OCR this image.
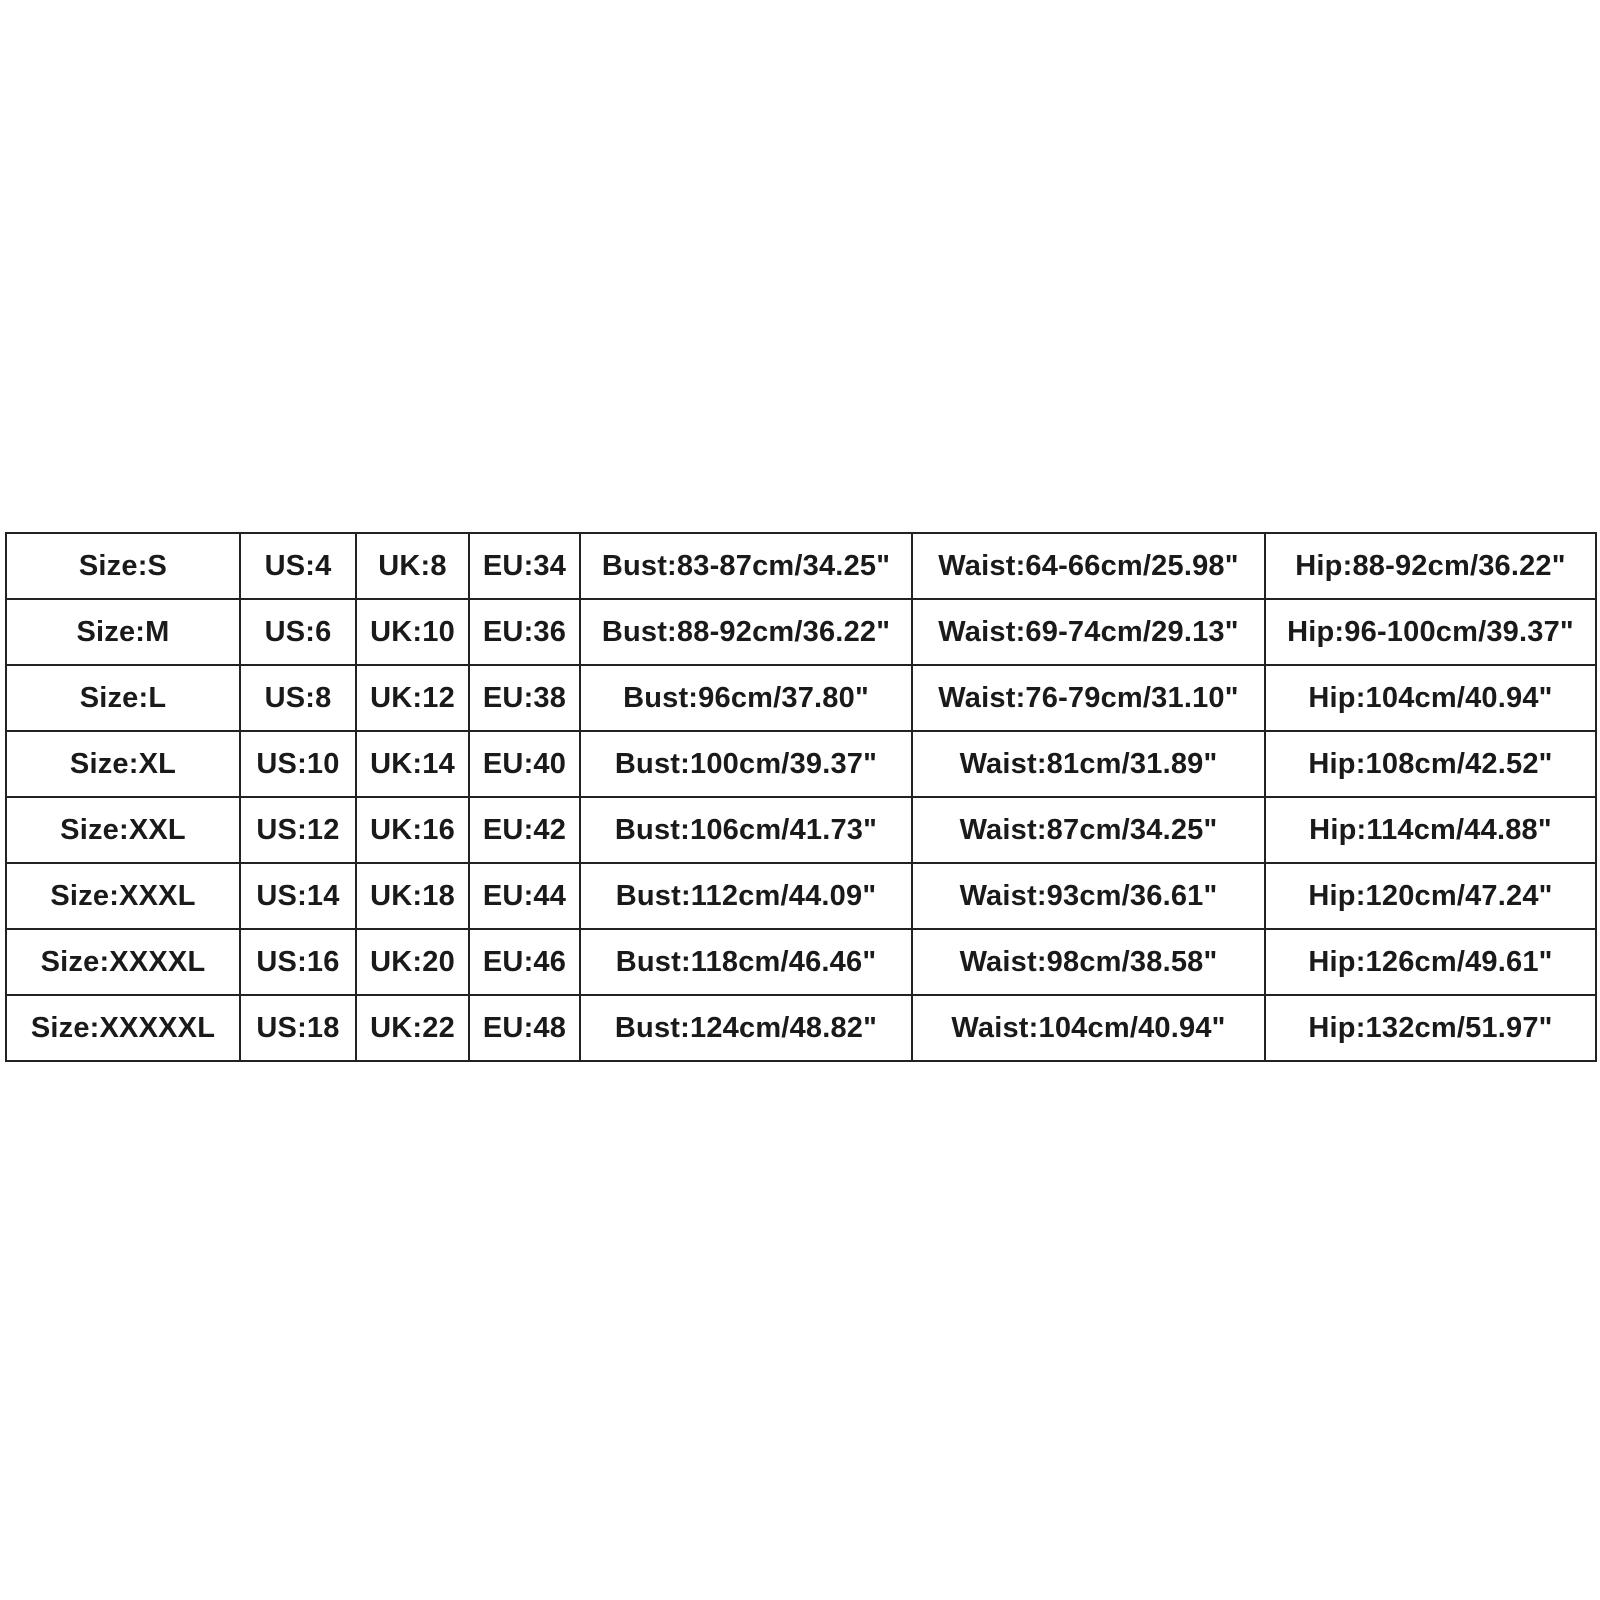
Size:S	US:4	UK:8	EU:34	Bust:83-87cm/34.25"	Waist:64-66cm/25.98"	Hip:88-92cm/36.22"
Size:M	US:6	UK:10	EU:36	Bust:88-92cm/36.22"	Waist:69-74cm/29.13"	Hip:96-100cm/39.37"
Size:L	US:8	UK:12	EU:38	Bust:96cm/37.80"	Waist:76-79cm/31.10"	Hip:104cm/40.94"
Size:XL	US:10	UK:14	EU:40	Bust:100cm/39.37"	Waist:81cm/31.89"	Hip:108cm/42.52"
Size:XXL	US:12	UK:16	EU:42	Bust:106cm/41.73"	Waist:87cm/34.25"	Hip:114cm/44.88"
Size:XXXL	US:14	UK:18	EU:44	Bust:112cm/44.09"	Waist:93cm/36.61"	Hip:120cm/47.24"
Size:XXXXL	US:16	UK:20	EU:46	Bust:118cm/46.46"	Waist:98cm/38.58"	Hip:126cm/49.61"
Size:XXXXXL	US:18	UK:22	EU:48	Bust:124cm/48.82"	Waist:104cm/40.94"	Hip:132cm/51.97"
